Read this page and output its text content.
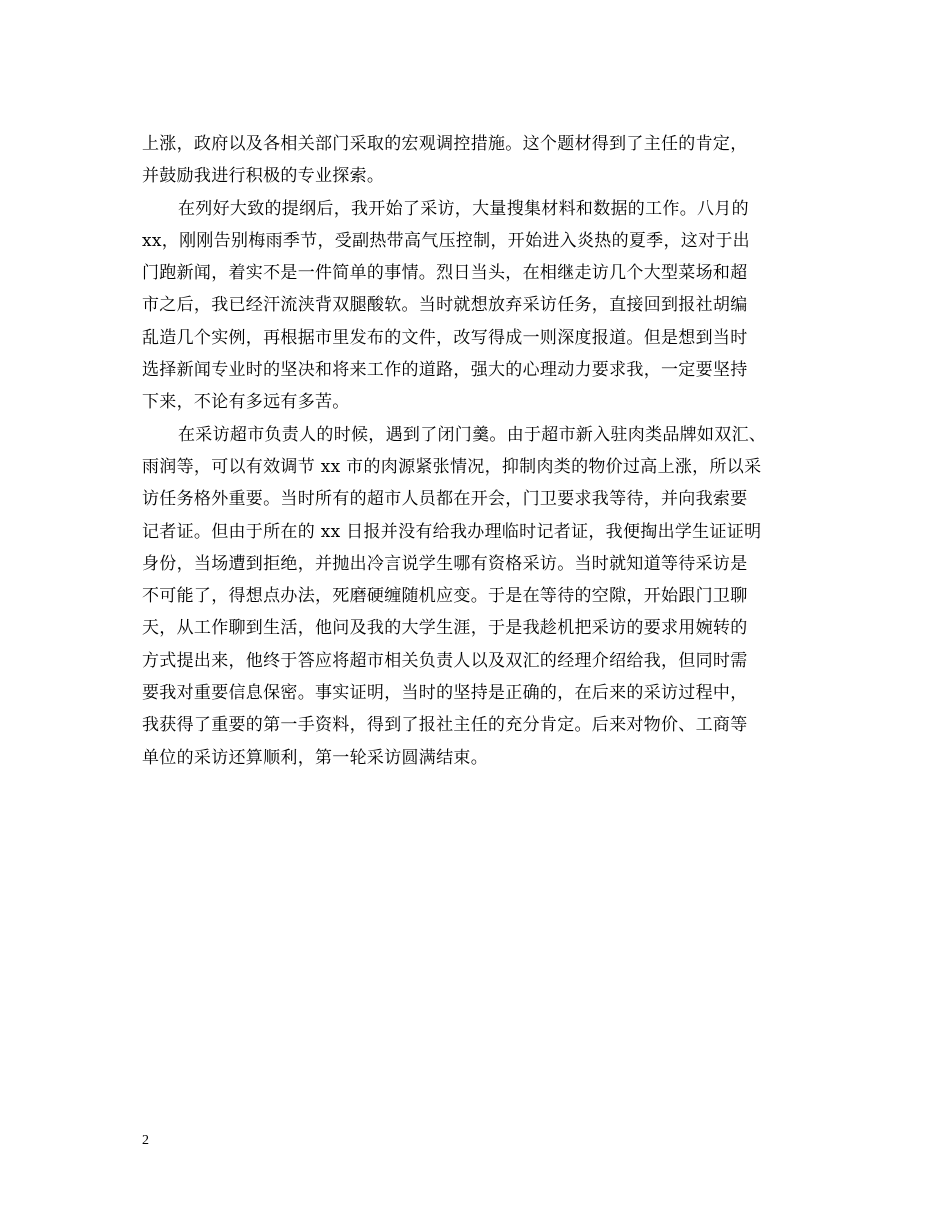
上涨，政府以及各相关部门采取的宏观调控措施。这个题材得到了主任的肯定，
并鼓励我进行积极的专业探索。
在列好大致的提纲后，我开始了采访，大量搜集材料和数据的工作。八月的
xx，刚刚告别梅雨季节，受副热带高气压控制，开始进入炎热的夏季，这对于出
门跑新闻，着实不是一件简单的事情。烈日当头，在相继走访几个大型菜场和超
市之后，我已经汗流浃背双腿酸软。当时就想放弃采访任务，直接回到报社胡编
乱造几个实例，再根据市里发布的文件，改写得成一则深度报道。但是想到当时
选择新闻专业时的坚决和将来工作的道路，强大的心理动力要求我，一定要坚持
下来，不论有多远有多苦。
在采访超市负责人的时候，遇到了闭门羹。由于超市新入驻肉类品牌如双汇、
雨润等，可以有效调节 xx 市的肉源紧张情况，抑制肉类的物价过高上涨，所以采
访任务格外重要。当时所有的超市人员都在开会，门卫要求我等待，并向我索要
记者证。但由于所在的 xx 日报并没有给我办理临时记者证，我便掏出学生证证明
身份，当场遭到拒绝，并抛出冷言说学生哪有资格采访。当时就知道等待采访是
不可能了，得想点办法，死磨硬缠随机应变。于是在等待的空隙，开始跟门卫聊
天，从工作聊到生活，他问及我的大学生涯，于是我趁机把采访的要求用婉转的
方式提出来，他终于答应将超市相关负责人以及双汇的经理介绍给我，但同时需
要我对重要信息保密。事实证明，当时的坚持是正确的，在后来的采访过程中，
我获得了重要的第一手资料，得到了报社主任的充分肯定。后来对物价、工商等
单位的采访还算顺利，第一轮采访圆满结束。
2
